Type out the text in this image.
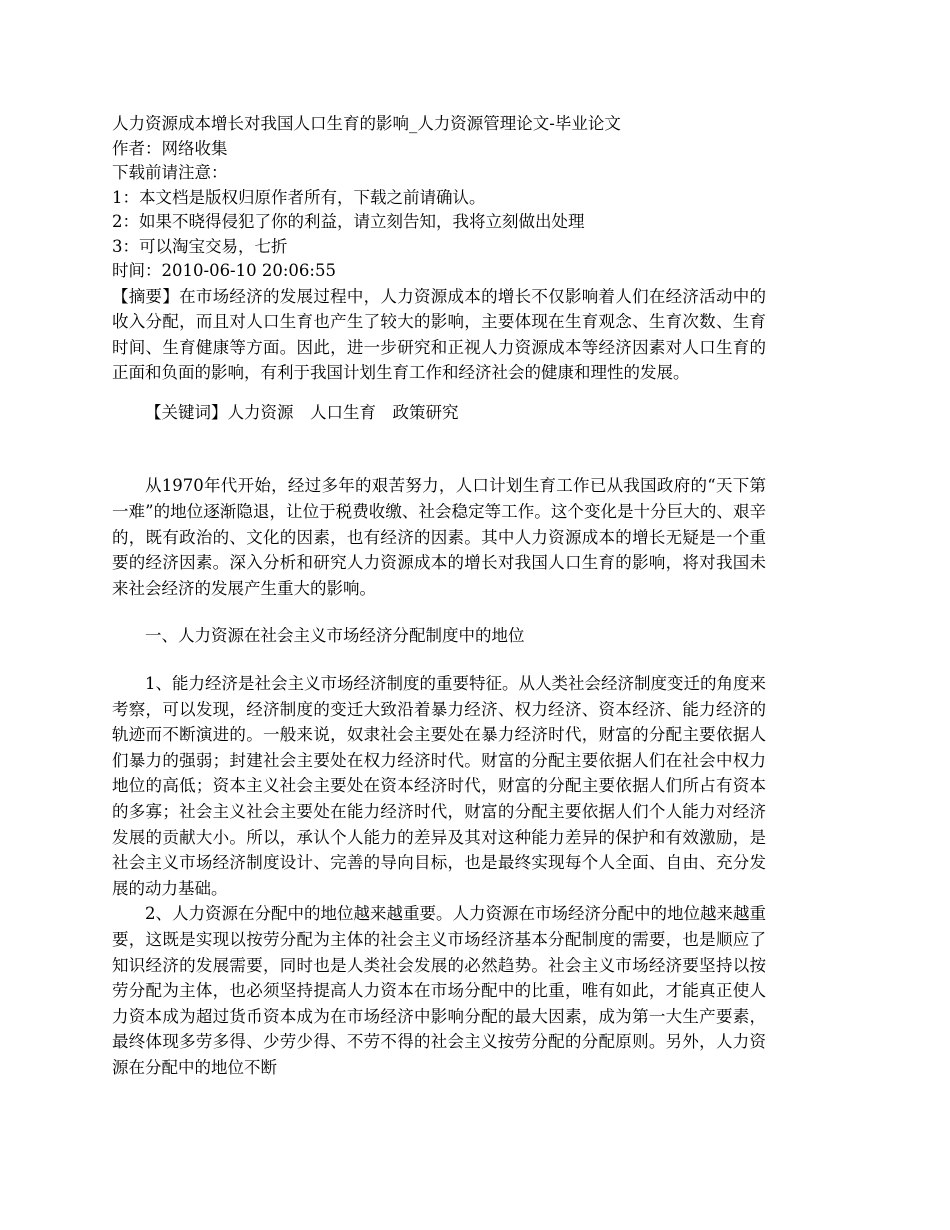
人力资源成本增长对我国人口生育的影响_人力资源管理论文-毕业论文
作者：网络收集
下载前请注意：
1：本文档是版权归原作者所有，下载之前请确认。
2：如果不晓得侵犯了你的利益，请立刻告知，我将立刻做出处理
3：可以淘宝交易，七折
时间：2010-06-10 20:06:55

【摘要】在市场经济的发展过程中，人力资源成本的增长不仅影响着人们在经济活动中的收入分配，而且对人口生育也产生了较大的影响，主要体现在生育观念、生育次数、生育时间、生育健康等方面。因此，进一步研究和正视人力资源成本等经济因素对人口生育的正面和负面的影响，有利于我国计划生育工作和经济社会的健康和理性的发展。

【关键词】人力资源　人口生育　政策研究

从1970年代开始，经过多年的艰苦努力，人口计划生育工作已从我国政府的“天下第一难”的地位逐渐隐退，让位于税费收缴、社会稳定等工作。这个变化是十分巨大的、艰辛的，既有政治的、文化的因素，也有经济的因素。其中人力资源成本的增长无疑是一个重要的经济因素。深入分析和研究人力资源成本的增长对我国人口生育的影响，将对我国未来社会经济的发展产生重大的影响。

一、人力资源在社会主义市场经济分配制度中的地位

1、能力经济是社会主义市场经济制度的重要特征。从人类社会经济制度变迁的角度来考察，可以发现，经济制度的变迁大致沿着暴力经济、权力经济、资本经济、能力经济的轨迹而不断演进的。一般来说，奴隶社会主要处在暴力经济时代，财富的分配主要依据人们暴力的强弱；封建社会主要处在权力经济时代。财富的分配主要依据人们在社会中权力地位的高低；资本主义社会主要处在资本经济时代，财富的分配主要依据人们所占有资本的多寡；社会主义社会主要处在能力经济时代，财富的分配主要依据人们个人能力对经济发展的贡献大小。所以，承认个人能力的差异及其对这种能力差异的保护和有效激励，是社会主义市场经济制度设计、完善的导向目标，也是最终实现每个人全面、自由、充分发展的动力基础。

2、人力资源在分配中的地位越来越重要。人力资源在市场经济分配中的地位越来越重要，这既是实现以按劳分配为主体的社会主义市场经济基本分配制度的需要，也是顺应了知识经济的发展需要，同时也是人类社会发展的必然趋势。社会主义市场经济要坚持以按劳分配为主体，也必须坚持提高人力资本在市场分配中的比重，唯有如此，才能真正使人力资本成为超过货币资本成为在市场经济中影响分配的最大因素，成为第一大生产要素，最终体现多劳多得、少劳少得、不劳不得的社会主义按劳分配的分配原则。另外，人力资源在分配中的地位不断
